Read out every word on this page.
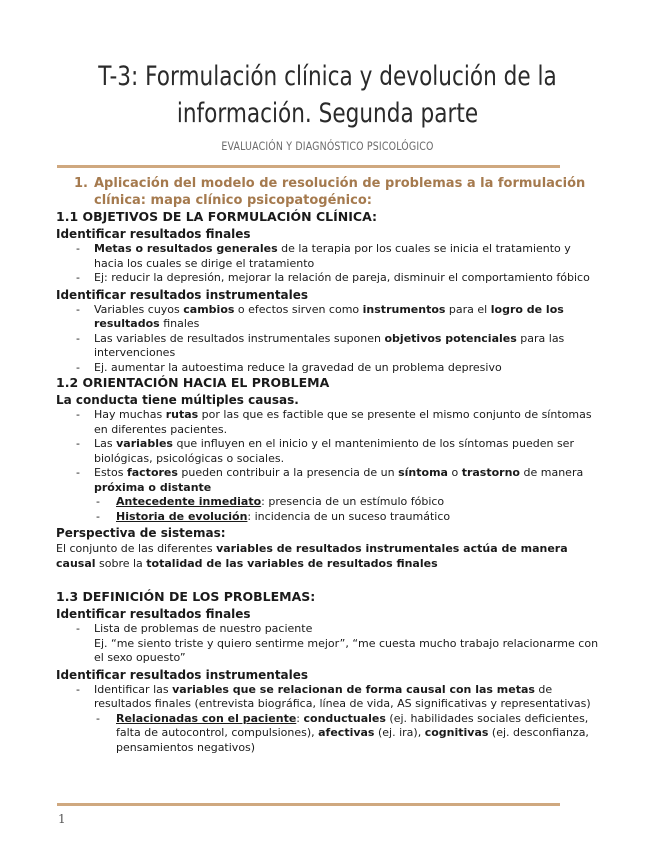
T-3: Formulación clínica y devolución de la
información. Segunda parte
EVALUACIÓN Y DIAGNÓSTICO PSICOLÓGICO
1. Aplicación del modelo de resolución de problemas a la formulación
clínica: mapa clínico psicopatogénico:
1.1 OBJETIVOS DE LA FORMULACIÓN CLÍNICA:
Identificar resultados finales
-	Metas o resultados generales de la terapia por los cuales se inicia el tratamiento y hacia los cuales se dirige el tratamiento
-	Ej: reducir la depresión, mejorar la relación de pareja, disminuir el comportamiento fóbico
Identificar resultados instrumentales
-	Variables cuyos cambios o efectos sirven como instrumentos para el logro de los resultados finales
-	Las variables de resultados instrumentales suponen objetivos potenciales para las intervenciones
-	Ej. aumentar la autoestima reduce la gravedad de un problema depresivo
1.2 ORIENTACIÓN HACIA EL PROBLEMA
La conducta tiene múltiples causas.
-	Hay muchas rutas por las que es factible que se presente el mismo conjunto de síntomas en diferentes pacientes.
-	Las variables que influyen en el inicio y el mantenimiento de los síntomas pueden ser biológicas, psicológicas o sociales.
-	Estos factores pueden contribuir a la presencia de un síntoma o trastorno de manera próxima o distante
-	Antecedente inmediato: presencia de un estímulo fóbico
-	Historia de evolución: incidencia de un suceso traumático
Perspectiva de sistemas:
El conjunto de las diferentes variables de resultados instrumentales actúa de manera causal sobre la totalidad de las variables de resultados finales
1.3 DEFINICIÓN DE LOS PROBLEMAS:
Identificar resultados finales
-	Lista de problemas de nuestro paciente
Ej. “me siento triste y quiero sentirme mejor”, “me cuesta mucho trabajo relacionarme con el sexo opuesto”
Identificar resultados instrumentales
-	Identificar las variables que se relacionan de forma causal con las metas de resultados finales (entrevista biográfica, línea de vida, AS significativas y representativas)
-	Relacionadas con el paciente: conductuales (ej. habilidades sociales deficientes, falta de autocontrol, compulsiones), afectivas (ej. ira), cognitivas (ej. desconfianza, pensamientos negativos)
1
